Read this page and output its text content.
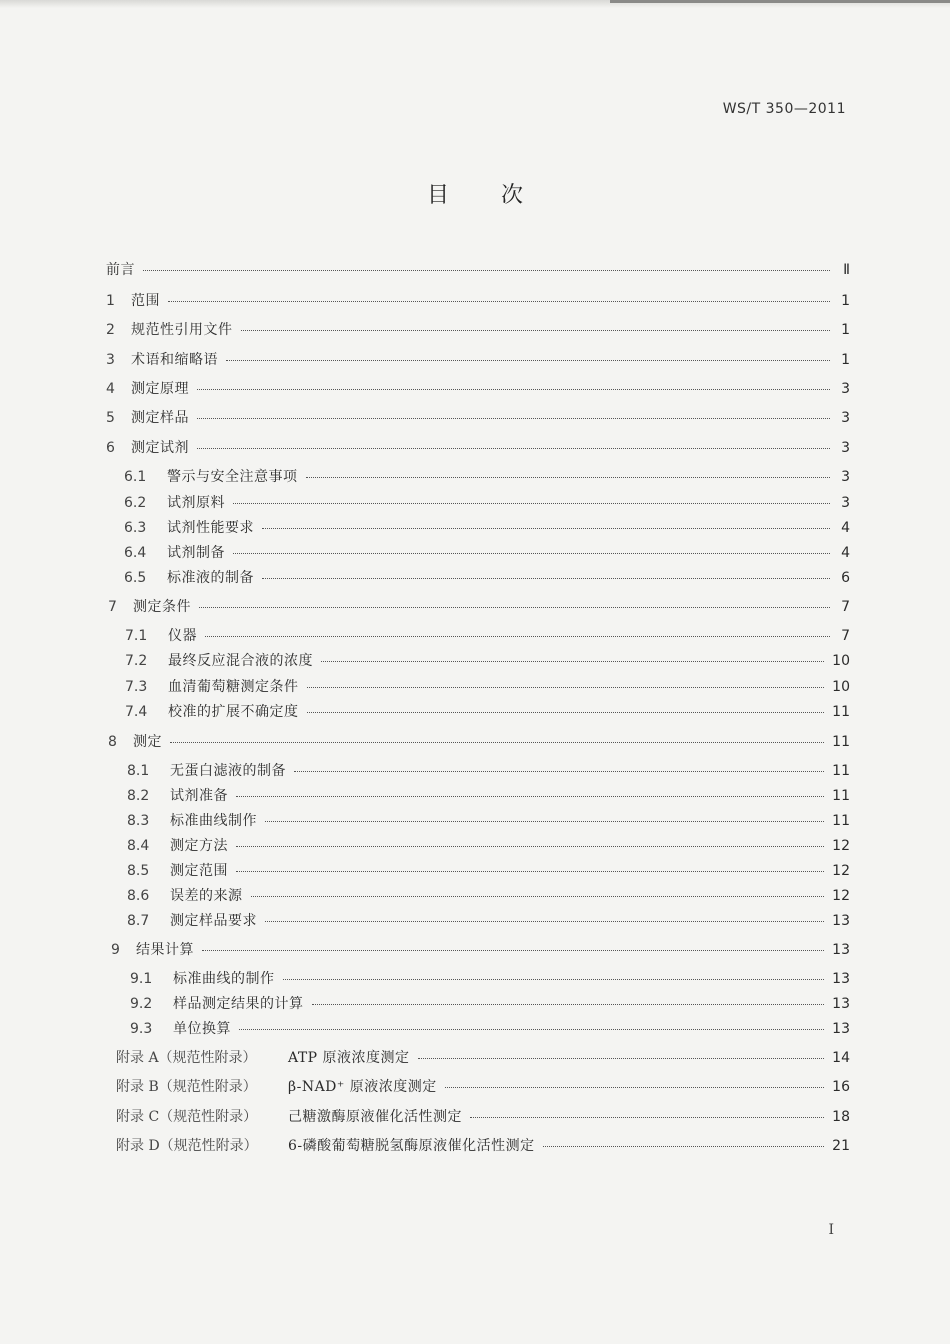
WS/T 350—2011
目 次
前言	Ⅱ
1	范围	1
2	规范性引用文件	1
3	术语和缩略语	1
4	测定原理	3
5	测定样品	3
6	测定试剂	3
6.1	警示与安全注意事项	3
6.2	试剂原料	3
6.3	试剂性能要求	4
6.4	试剂制备	4
6.5	标准液的制备	6
7	测定条件	7
7.1	仪器	7
7.2	最终反应混合液的浓度	10
7.3	血清葡萄糖测定条件	10
7.4	校准的扩展不确定度	11
8	测定	11
8.1	无蛋白滤液的制备	11
8.2	试剂准备	11
8.3	标准曲线制作	11
8.4	测定方法	12
8.5	测定范围	12
8.6	误差的来源	12
8.7	测定样品要求	13
9	结果计算	13
9.1	标准曲线的制作	13
9.2	样品测定结果的计算	13
9.3	单位换算	13
附录 A（规范性附录）	ATP 原液浓度测定	14
附录 B（规范性附录）	β-NAD⁺ 原液浓度测定	16
附录 C（规范性附录）	己糖激酶原液催化活性测定	18
附录 D（规范性附录）	6-磷酸葡萄糖脱氢酶原液催化活性测定	21
I
